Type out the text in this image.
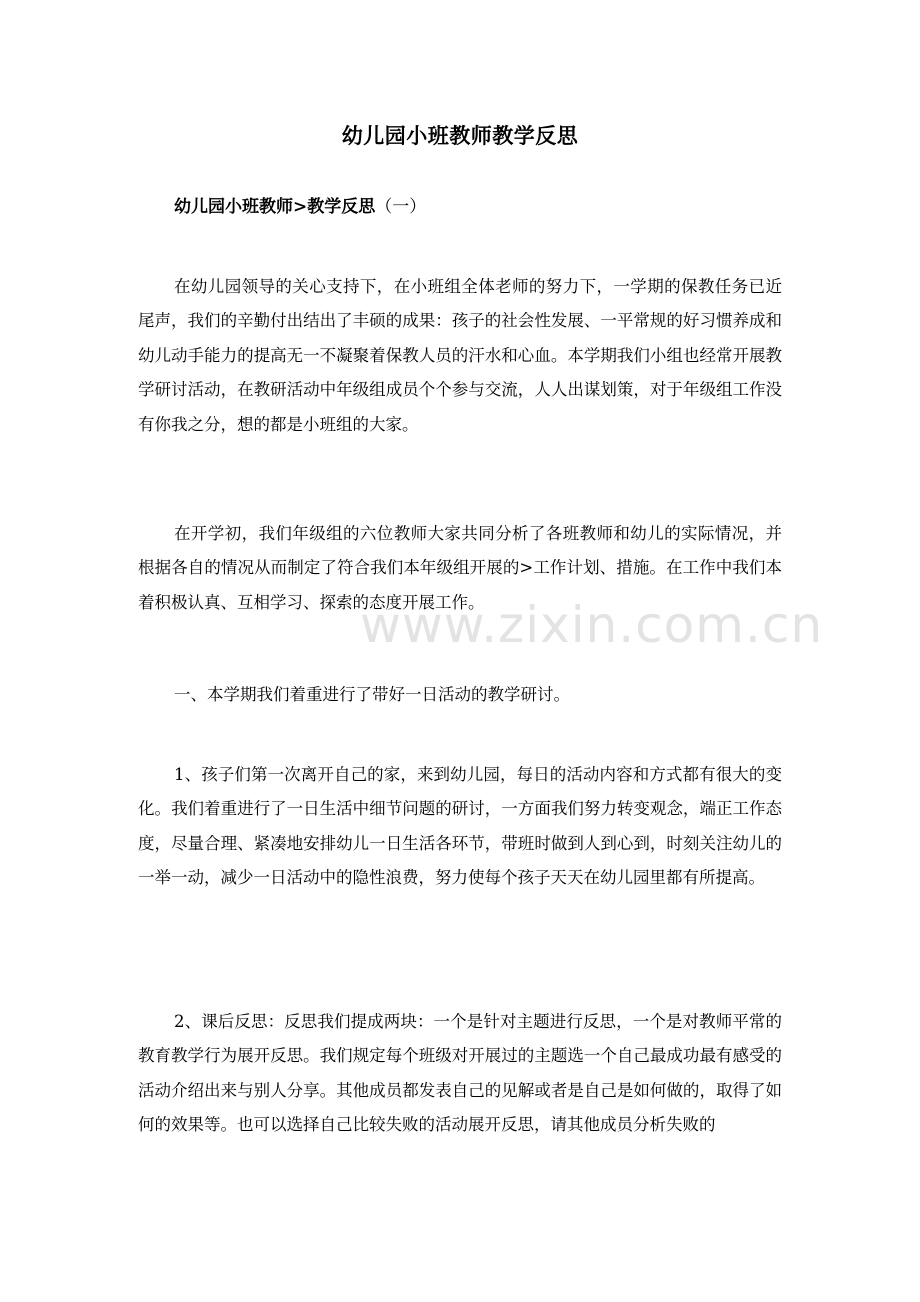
幼儿园小班教师教学反思
幼儿园小班教师>教学反思（一）

在幼儿园领导的关心支持下，在小班组全体老师的努力下，一学期的保教任务已近尾声，我们的辛勤付出结出了丰硕的成果：孩子的社会性发展、一平常规的好习惯养成和幼儿动手能力的提高无一不凝聚着保教人员的汗水和心血。本学期我们小组也经常开展教学研讨活动，在教研活动中年级组成员个个参与交流，人人出谋划策，对于年级组工作没有你我之分，想的都是小班组的大家。

在开学初，我们年级组的六位教师大家共同分析了各班教师和幼儿的实际情况，并根据各自的情况从而制定了符合我们本年级组开展的>工作计划、措施。在工作中我们本着积极认真、互相学习、探索的态度开展工作。

一、本学期我们着重进行了带好一日活动的教学研讨。

1、孩子们第一次离开自己的家，来到幼儿园，每日的活动内容和方式都有很大的变化。我们着重进行了一日生活中细节问题的研讨，一方面我们努力转变观念，端正工作态度，尽量合理、紧凑地安排幼儿一日生活各环节，带班时做到人到心到，时刻关注幼儿的一举一动，减少一日活动中的隐性浪费，努力使每个孩子天天在幼儿园里都有所提高。

2、课后反思：反思我们提成两块：一个是针对主题进行反思，一个是对教师平常的教育教学行为展开反思。我们规定每个班级对开展过的主题选一个自己最成功最有感受的活动介绍出来与别人分享。其他成员都发表自己的见解或者是自己是如何做的，取得了如何的效果等。也可以选择自己比较失败的活动展开反思，请其他成员分析失败的

www.zixin.com.cn
